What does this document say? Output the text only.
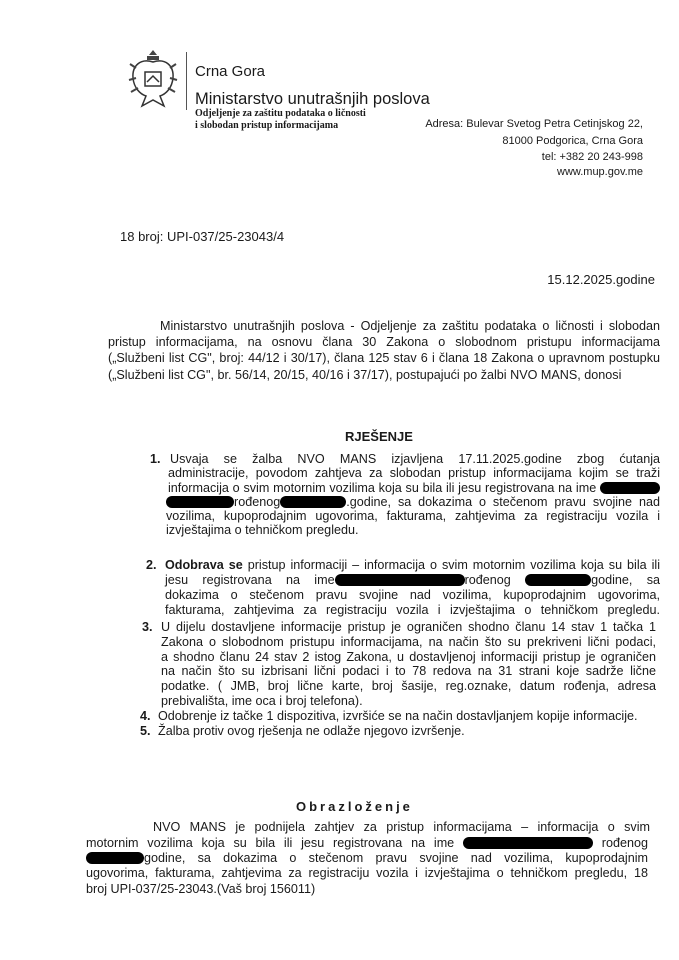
Crna Gora
Ministarstvo unutrašnjih poslova
Odjeljenje za zaštitu podataka o ličnosti
i slobodan pristup informacijama	Adresa: Bulevar Svetog Petra Cetinjskog 22,
81000 Podgorica, Crna Gora
tel: +382 20 243-998
www.mup.gov.me
18 broj: UPI-037/25-23043/4
15.12.2025.godine
Ministarstvo unutrašnjih poslova - Odjeljenje za zaštitu podataka o ličnosti i slobodan
pristup informacijama, na osnovu člana 30 Zakona o slobodnom pristupu informacijama
(„Službeni list CG", broj: 44/12 i 30/17), člana 125 stav 6 i člana 18 Zakona o upravnom postupku
(„Službeni list CG", br. 56/14, 20/15, 40/16 i 37/17), postupajući po žalbi NVO MANS, donosi
RJEŠENJE
1. Usvaja se žalba NVO MANS izjavljena 17.11.2025.godine zbog ćutanja
administracije, povodom zahtjeva za slobodan pristup informacijama kojim se traži
informacija o svim motornim vozilima koja su bila ili jesu registrovana na ime
rođenog	.godine, sa dokazima o stečenom pravu svojine nad
vozilima, kupoprodajnim ugovorima, fakturama, zahtjevima za registraciju vozila i
izvještajima o tehničkom pregledu.
2. Odobrava se pristup informaciji – informacija o svim motornim vozilima koja su bila ili
jesu registrovana na ime	rođenog	godine, sa
dokazima o stečenom pravu svojine nad vozilima, kupoprodajnim ugovorima,
fakturama, zahtjevima za registraciju vozila i izvještajima o tehničkom pregledu.
3. U dijelu dostavljene informacije pristup je ograničen shodno članu 14 stav 1 tačka 1
Zakona o slobodnom pristupu informacijama, na način što su prekriveni lični podaci,
a shodno članu 24 stav 2 istog Zakona, u dostavljenoj informaciji pristup je ograničen
na način što su izbrisani lični podaci i to 78 redova na 31 strani koje sadrže lične
podatke. ( JMB, broj lične karte, broj šasije, reg.oznake, datum rođenja, adresa
prebivališta, ime oca i broj telefona).
4. Odobrenje iz tačke 1 dispozitiva, izvršiće se na način dostavljanjem kopije informacije.
5. Žalba protiv ovog rješenja ne odlaže njegovo izvršenje.
Obrazloženje
NVO MANS je podnijela zahtjev za pristup informacijama – informacija o svim
motornim vozilima koja su bila ili jesu registrovana na ime	rođenog
godine, sa dokazima o stečenom pravu svojine nad vozilima, kupoprodajnim
ugovorima, fakturama, zahtjevima za registraciju vozila i izvještajima o tehničkom pregledu, 18
broj UPI-037/25-23043.(Vaš broj 156011)
